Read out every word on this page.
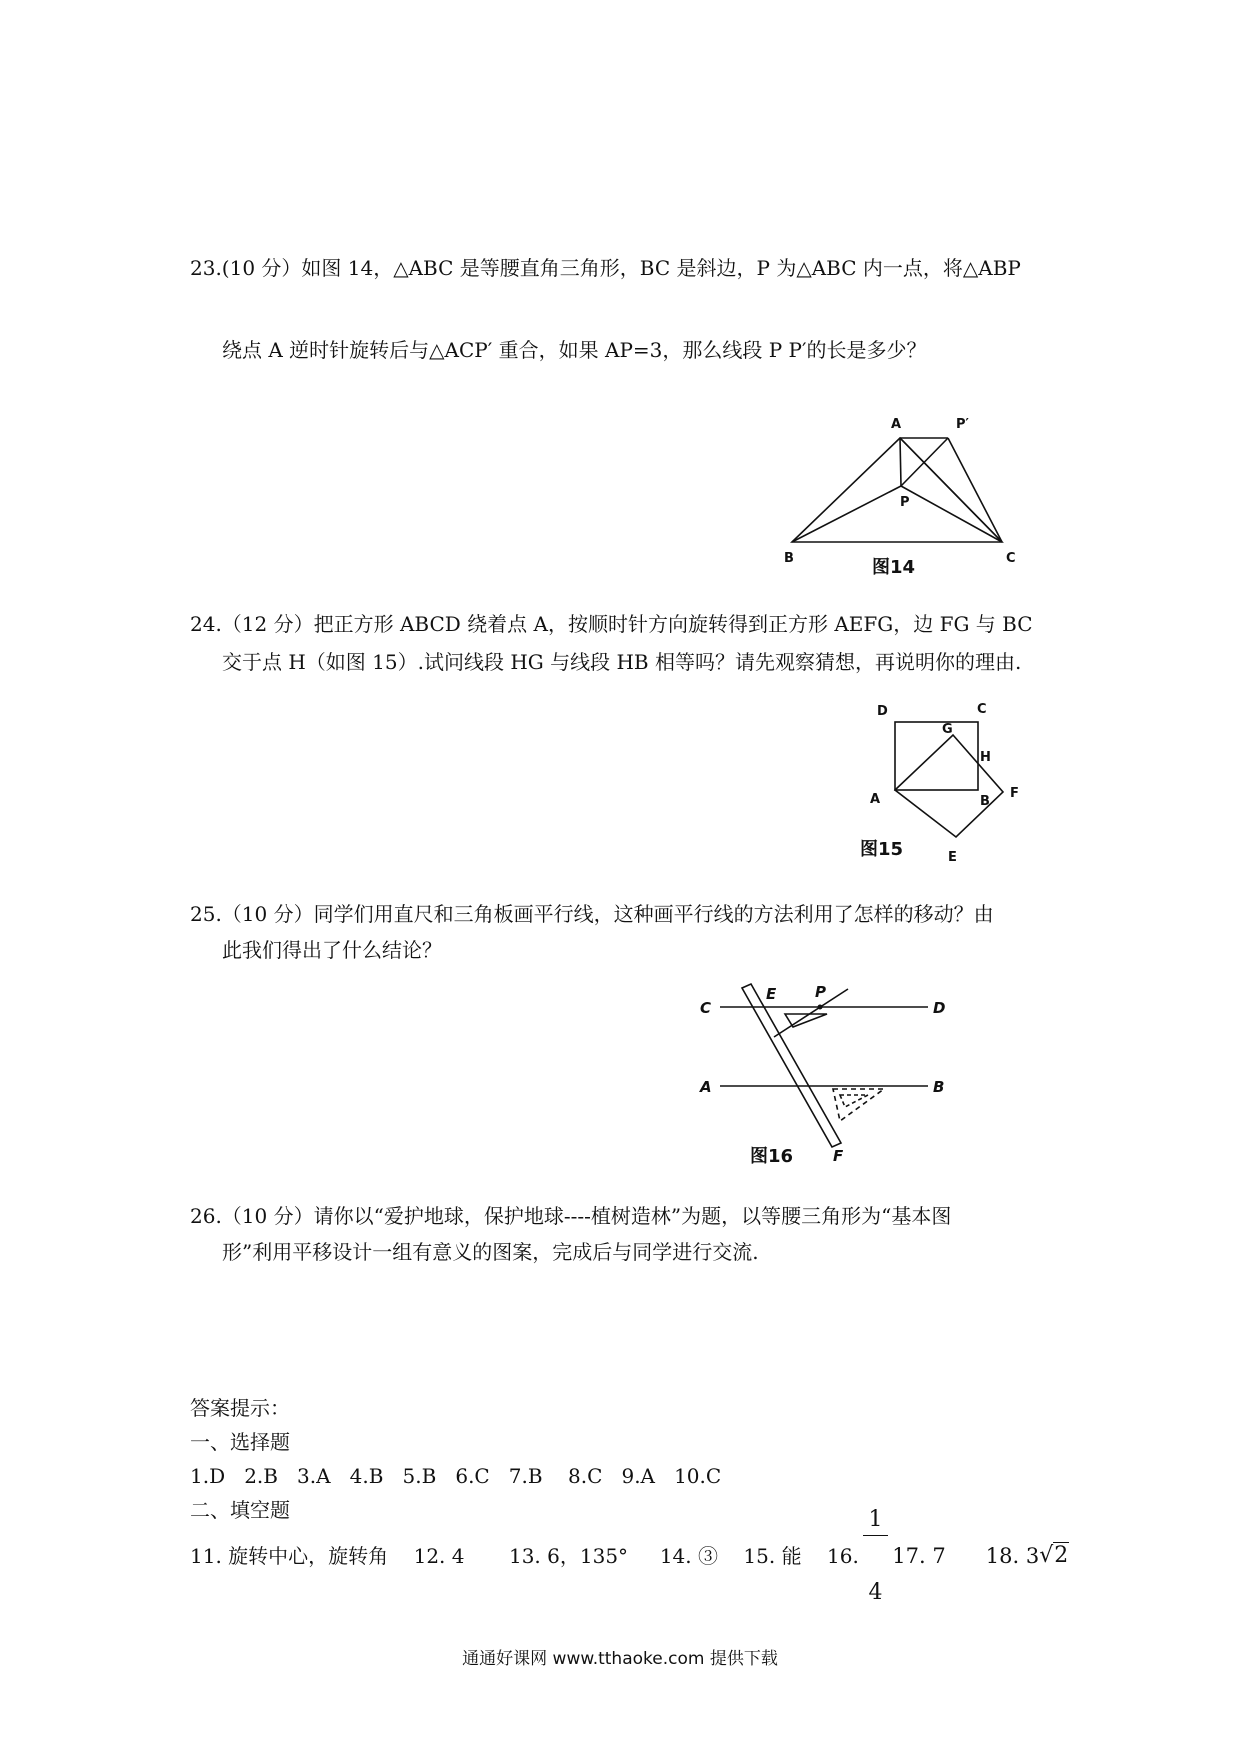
23.(10 分）如图 14，△ABC 是等腰直角三角形，BC 是斜边，P 为△ABC 内一点，将△ABP
绕点 A 逆时针旋转后与△ACP′ 重合，如果 AP=3，那么线段 P P′的长是多少？
A	P′
P
B	C
图14
24.（12 分）把正方形 ABCD 绕着点 A，按顺时针方向旋转得到正方形 AEFG，边 FG 与 BC
交于点 H（如图 15）.试问线段 HG 与线段 HB 相等吗？请先观察猜想，再说明你的理由.
D	C
G
H
A	B
F
E
图15
25.（10 分）同学们用直尺和三角板画平行线，这种画平行线的方法利用了怎样的移动？由
此我们得出了什么结论？
C	D
A	B
E	P
F
图16
26.（10 分）请你以“爱护地球，保护地球----植树造林”为题，以等腰三角形为“基本图
形”利用平移设计一组有意义的图案，完成后与同学进行交流.
答案提示：
一、选择题
1.D   2.B   3.A   4.B   5.B   6.C   7.B    8.C   9.A   10.C
二、填空题
11. 旋转中心，旋转角    12. 4       13. 6，135°     14. ③    15. 能    16.

$\frac{1}{4}$

17. 7      18. 3 √2
通通好课网 www.tthaoke.com 提供下载
